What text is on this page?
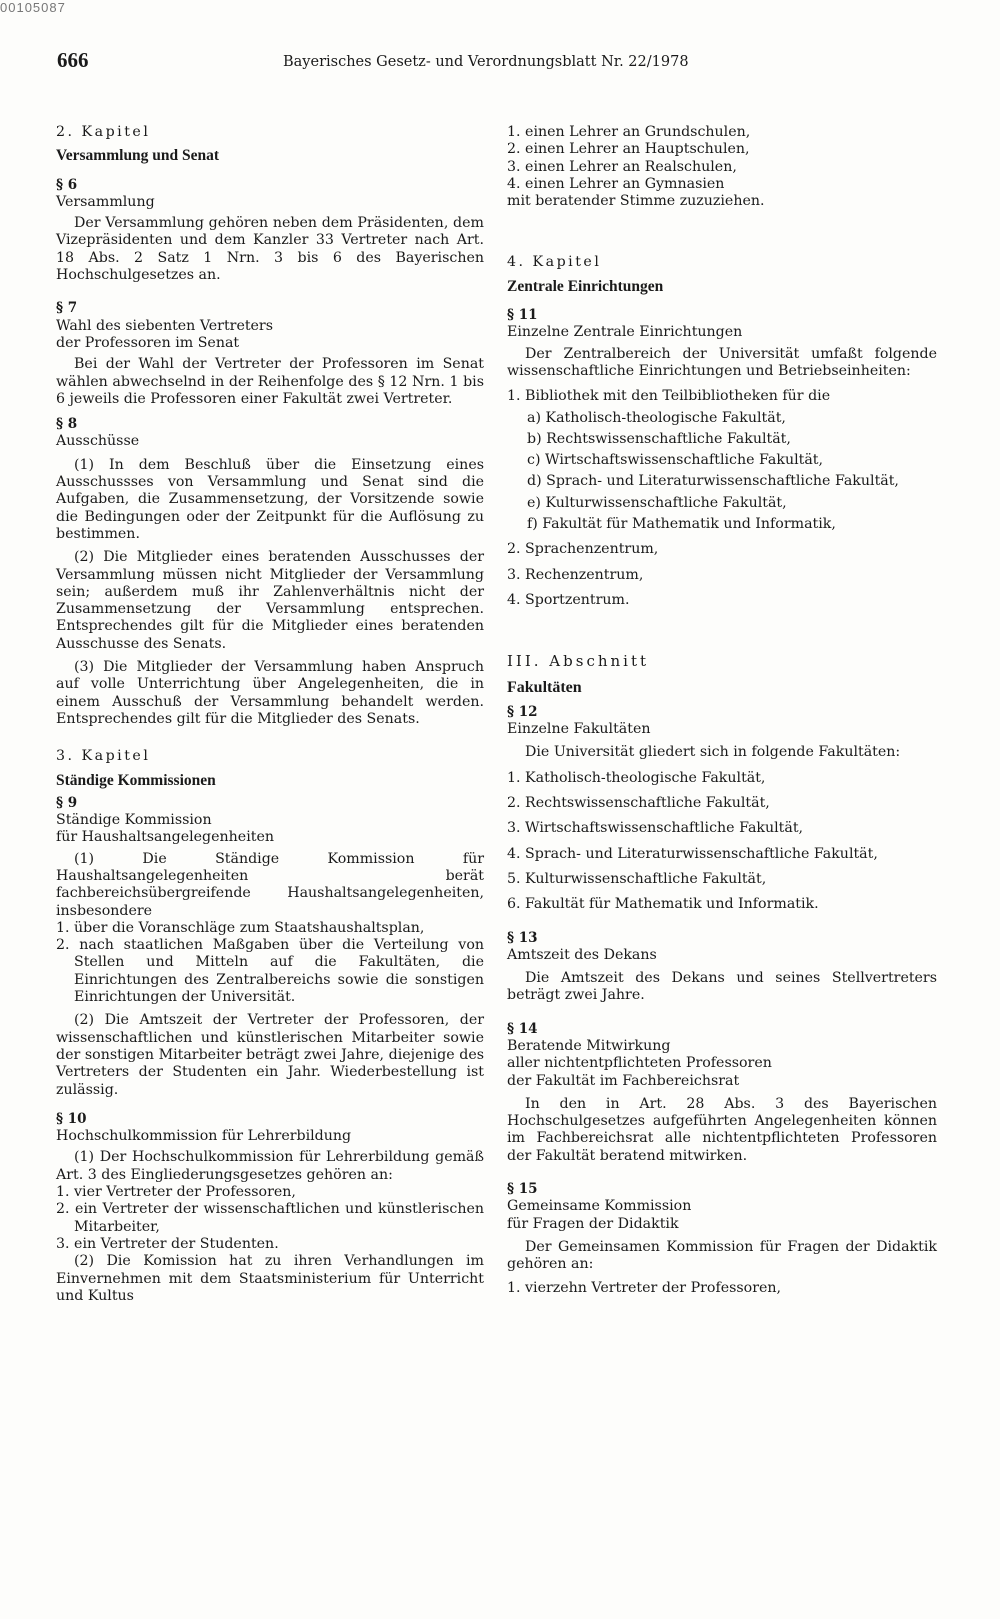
00105087
666	Bayerisches Gesetz- und Verordnungsblatt Nr. 22/1978

2. Kapitel

Versammlung und Senat

§ 6

Versammlung

Der Versammlung gehören neben dem Präsidenten, dem Vizepräsidenten und dem Kanzler 33 Vertreter nach Art. 18 Abs. 2 Satz 1 Nrn. 3 bis 6 des Bayerischen Hochschulgesetzes an.

§ 7

Wahl des siebenten Vertreters

der Professoren im Senat

Bei der Wahl der Vertreter der Professoren im Senat wählen abwechselnd in der Reihenfolge des § 12 Nrn. 1 bis 6 jeweils die Professoren einer Fakultät zwei Vertreter.

§ 8

Ausschüsse

(1) In dem Beschluß über die Einsetzung eines Ausschussses von Versammlung und Senat sind die Aufgaben, die Zusammensetzung, der Vorsitzende sowie die Bedingungen oder der Zeitpunkt für die Auflösung zu bestimmen.

(2) Die Mitglieder eines beratenden Ausschusses der Versammlung müssen nicht Mitglieder der Versammlung sein; außerdem muß ihr Zahlenverhältnis nicht der Zusammensetzung der Versammlung entsprechen. Entsprechendes gilt für die Mitglieder eines beratenden Ausschusse des Senats.

(3) Die Mitglieder der Versammlung haben Anspruch auf volle Unterrichtung über Angelegenheiten, die in einem Ausschuß der Versammlung behandelt werden. Entsprechendes gilt für die Mitglieder des Senats.

3. Kapitel

Ständige Kommissionen

§ 9

Ständige Kommission

für Haushaltsangelegenheiten

(1) Die Ständige Kommission für Haushaltsangelegenheiten berät fachbereichsübergreifende Haushaltsangelegenheiten, insbesondere

1. über die Voranschläge zum Staatshaushaltsplan,

2. nach staatlichen Maßgaben über die Verteilung von Stellen und Mitteln auf die Fakultäten, die Einrichtungen des Zentralbereichs sowie die sonstigen Einrichtungen der Universität.

(2) Die Amtszeit der Vertreter der Professoren, der wissenschaftlichen und künstlerischen Mitarbeiter sowie der sonstigen Mitarbeiter beträgt zwei Jahre, diejenige des Vertreters der Studenten ein Jahr. Wiederbestellung ist zulässig.

§ 10

Hochschulkommission für Lehrerbildung

(1) Der Hochschulkommission für Lehrerbildung gemäß Art. 3 des Eingliederungsgesetzes gehören an:

1. vier Vertreter der Professoren,

2. ein Vertreter der wissenschaftlichen und künstlerischen Mitarbeiter,

3. ein Vertreter der Studenten.

(2) Die Komission hat zu ihren Verhandlungen im Einvernehmen mit dem Staatsministerium für Unterricht und Kultus

1. einen Lehrer an Grundschulen,

2. einen Lehrer an Hauptschulen,

3. einen Lehrer an Realschulen,

4. einen Lehrer an Gymnasien

mit beratender Stimme zuzuziehen.

4. Kapitel

Zentrale Einrichtungen

§ 11

Einzelne Zentrale Einrichtungen

Der Zentralbereich der Universität umfaßt folgende wissenschaftliche Einrichtungen und Betriebseinheiten:

1. Bibliothek mit den Teilbibliotheken für die

a) Katholisch-theologische Fakultät,

b) Rechtswissenschaftliche Fakultät,

c) Wirtschaftswissenschaftliche Fakultät,

d) Sprach- und Literaturwissenschaftliche Fakultät,

e) Kulturwissenschaftliche Fakultät,

f) Fakultät für Mathematik und Informatik,

2. Sprachenzentrum,

3. Rechenzentrum,

4. Sportzentrum.

III. Abschnitt

Fakultäten

§ 12

Einzelne Fakultäten

Die Universität gliedert sich in folgende Fakultäten:

1. Katholisch-theologische Fakultät,

2. Rechtswissenschaftliche Fakultät,

3. Wirtschaftswissenschaftliche Fakultät,

4. Sprach- und Literaturwissenschaftliche Fakultät,

5. Kulturwissenschaftliche Fakultät,

6. Fakultät für Mathematik und Informatik.

§ 13

Amtszeit des Dekans

Die Amtszeit des Dekans und seines Stellvertreters beträgt zwei Jahre.

§ 14

Beratende Mitwirkung

aller nichtentpflichteten Professoren

der Fakultät im Fachbereichsrat

In den in Art. 28 Abs. 3 des Bayerischen Hochschulgesetzes aufgeführten Angelegenheiten können im Fachbereichsrat alle nichtentpflichteten Professoren der Fakultät beratend mitwirken.

§ 15

Gemeinsame Kommission

für Fragen der Didaktik

Der Gemeinsamen Kommission für Fragen der Didaktik gehören an:

1. vierzehn Vertreter der Professoren,
